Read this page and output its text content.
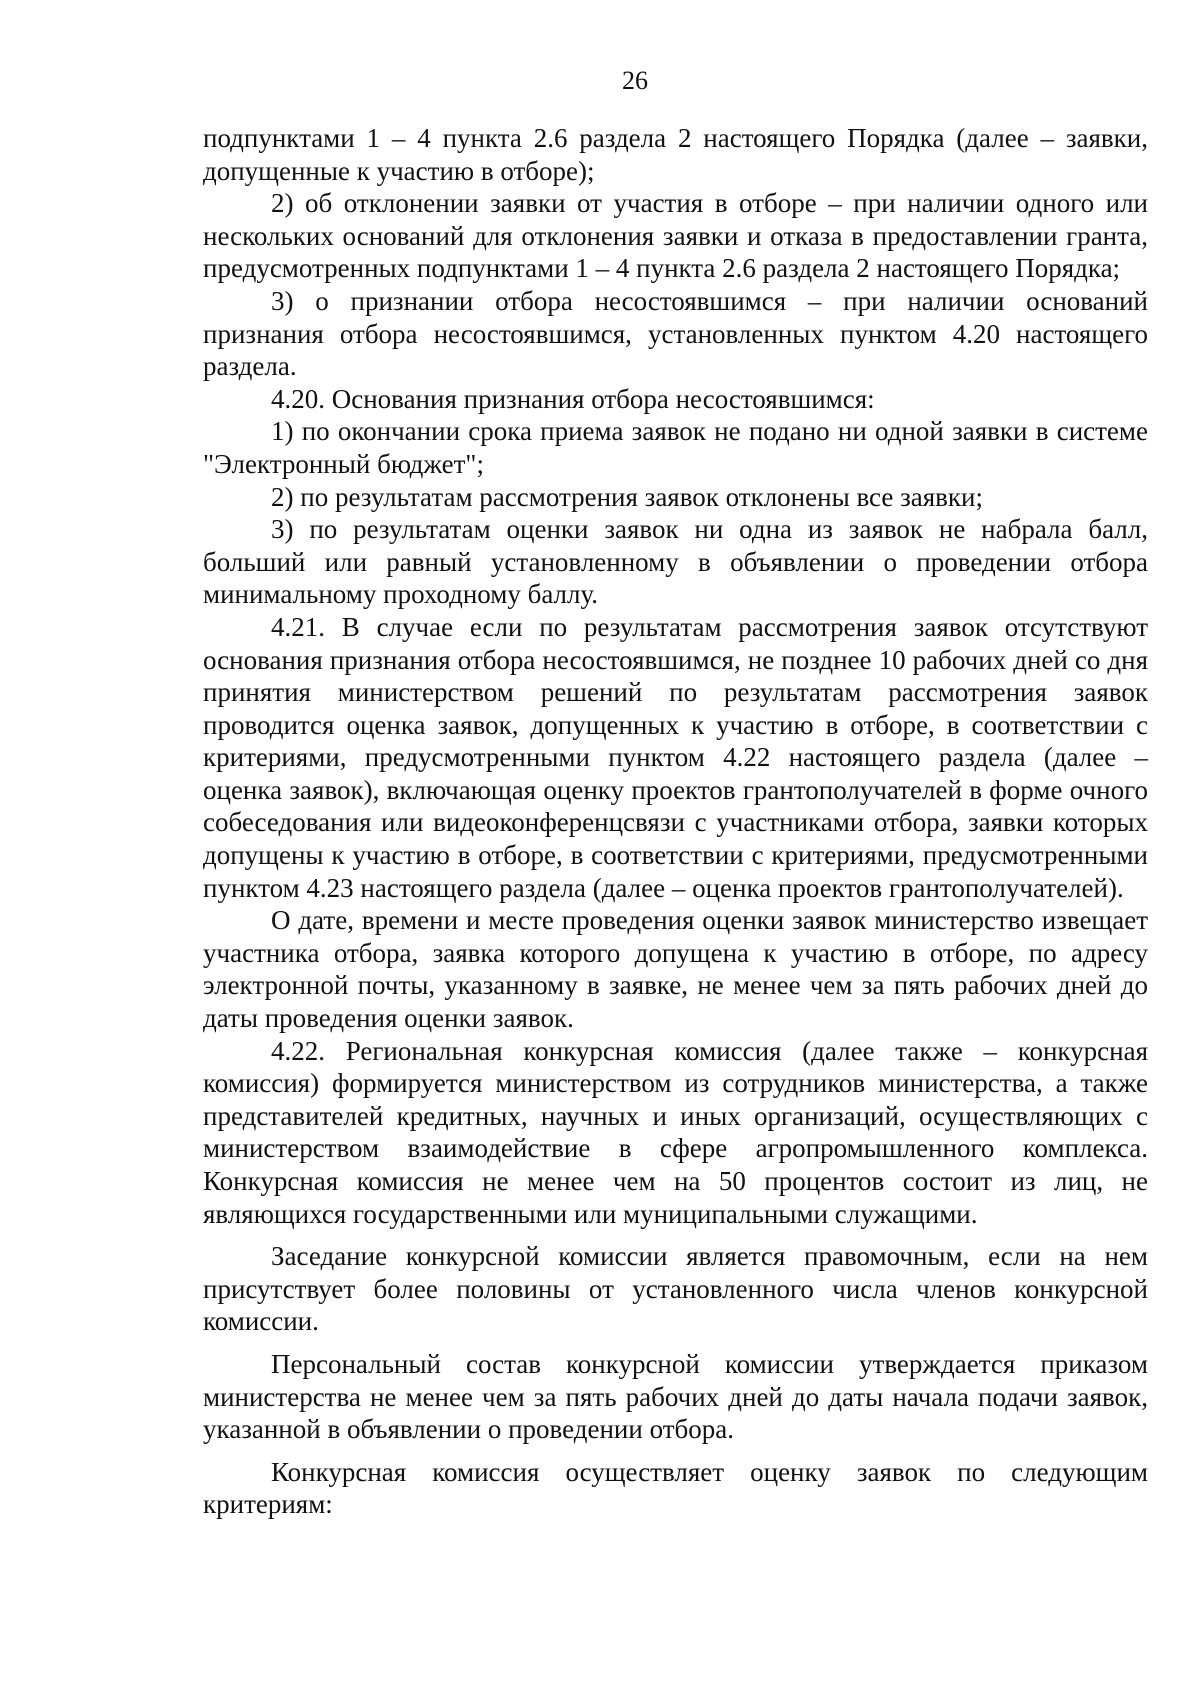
26

подпунктами 1 – 4 пункта 2.6 раздела 2 настоящего Порядка (далее – заявки, допущенные к участию в отборе);

2) об отклонении заявки от участия в отборе – при наличии одного или нескольких оснований для отклонения заявки и отказа в предоставлении гранта, предусмотренных подпунктами 1 – 4 пункта 2.6 раздела 2 настоящего Порядка;

3) о признании отбора несостоявшимся – при наличии оснований признания отбора несостоявшимся, установленных пунктом 4.20 настоящего раздела.

4.20. Основания признания отбора несостоявшимся:

1) по окончании срока приема заявок не подано ни одной заявки в системе "Электронный бюджет";

2) по результатам рассмотрения заявок отклонены все заявки;

3) по результатам оценки заявок ни одна из заявок не набрала балл, больший или равный установленному в объявлении о проведении отбора минимальному проходному баллу.

4.21. В случае если по результатам рассмотрения заявок отсутствуют основания признания отбора несостоявшимся, не позднее 10 рабочих дней со дня принятия министерством решений по результатам рассмотрения заявок проводится оценка заявок, допущенных к участию в отборе, в соответствии с критериями, предусмотренными пунктом 4.22 настоящего раздела (далее – оценка заявок), включающая оценку проектов грантополучателей в форме очного собеседования или видеоконференцсвязи с участниками отбора, заявки которых допущены к участию в отборе, в соответствии с критериями, предусмотренными пунктом 4.23 настоящего раздела (далее – оценка проектов грантополучателей).

О дате, времени и месте проведения оценки заявок министерство извещает участника отбора, заявка которого допущена к участию в отборе, по адресу электронной почты, указанному в заявке, не менее чем за пять рабочих дней до даты проведения оценки заявок.

4.22. Региональная конкурсная комиссия (далее также – конкурсная комиссия) формируется министерством из сотрудников министерства, а также представителей кредитных, научных и иных организаций, осуществляющих с министерством взаимодействие в сфере агропромышленного комплекса. Конкурсная комиссия не менее чем на 50 процентов состоит из лиц, не являющихся государственными или муниципальными служащими.

Заседание конкурсной комиссии является правомочным, если на нем присутствует более половины от установленного числа членов конкурсной комиссии.

Персональный состав конкурсной комиссии утверждается приказом министерства не менее чем за пять рабочих дней до даты начала подачи заявок, указанной в объявлении о проведении отбора.

Конкурсная комиссия осуществляет оценку заявок по следующим критериям:
